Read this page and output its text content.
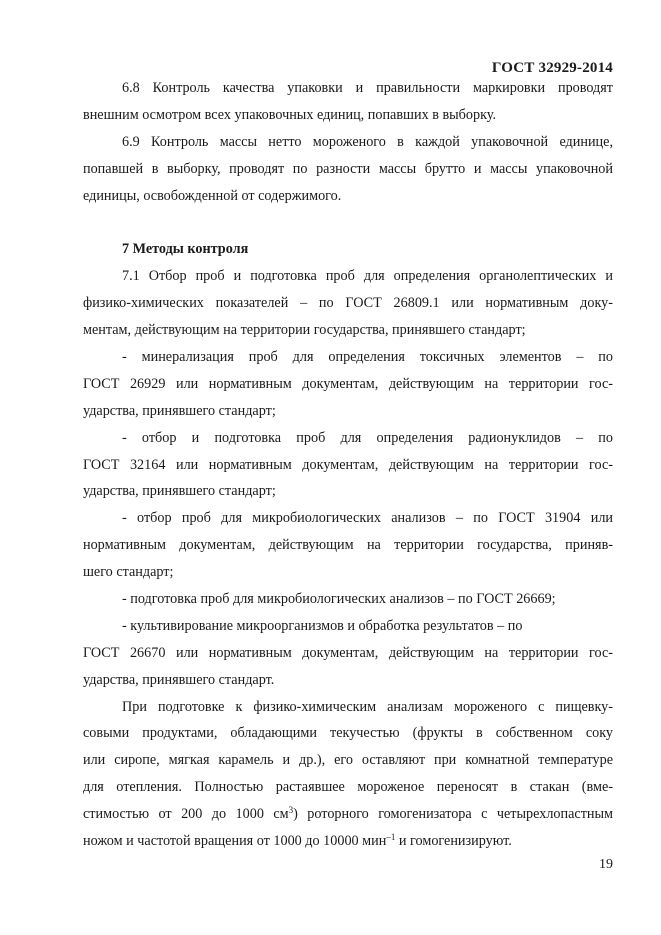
ГОСТ 32929-2014
6.8 Контроль качества упаковки и правильности маркировки проводят
внешним осмотром всех упаковочных единиц, попавших в выборку.
6.9 Контроль массы нетто мороженого в каждой упаковочной единице,
попавшей в выборку, проводят по разности массы брутто и массы упаковочной
единицы, освобожденной от содержимого.
7 Методы контроля
7.1 Отбор проб и подготовка проб для определения органолептических и
физико-химических показателей – по ГОСТ 26809.1 или нормативным доку-
ментам, действующим на территории государства, принявшего стандарт;
- минерализация проб для определения токсичных элементов – по
ГОСТ 26929 или нормативным документам, действующим на территории гос-
ударства, принявшего стандарт;
- отбор и подготовка проб для определения радионуклидов – по
ГОСТ 32164 или нормативным документам, действующим на территории гос-
ударства, принявшего стандарт;
- отбор проб для микробиологических анализов – по ГОСТ 31904 или
нормативным документам, действующим на территории государства, приняв-
шего стандарт;
- подготовка проб для микробиологических анализов – по ГОСТ 26669;
- культивирование микроорганизмов и обработка результатов – по
ГОСТ 26670 или нормативным документам, действующим на территории гос-
ударства, принявшего стандарт.
При подготовке к физико-химическим анализам мороженого с пищевку-
совыми продуктами, обладающими текучестью (фрукты в собственном соку
или сиропе, мягкая карамель и др.), его оставляют при комнатной температуре
для отепления. Полностью растаявшее мороженое переносят в стакан (вме-
стимостью от 200 до 1000 $см^3$) роторного гомогенизатора с четырехлопастным
ножом и частотой вращения от 1000 до 10000 мин$^{-1}$ и гомогенизируют.
19
